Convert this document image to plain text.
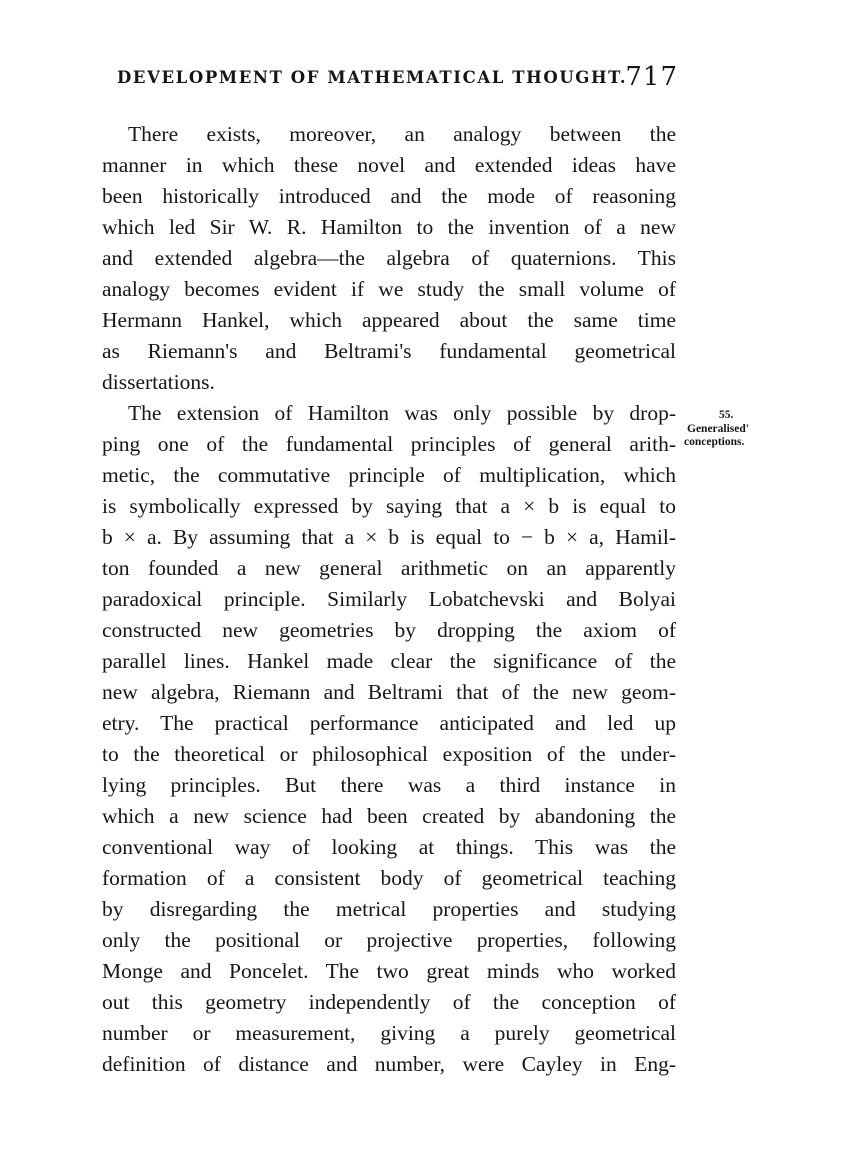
DEVELOPMENT OF MATHEMATICAL THOUGHT.
717
There exists, moreover, an analogy between the
manner in which these novel and extended ideas have
been historically introduced and the mode of reasoning
which led Sir W. R. Hamilton to the invention of a new
and extended algebra—the algebra of quaternions. This
analogy becomes evident if we study the small volume of
Hermann Hankel, which appeared about the same time
as Riemann's and Beltrami's fundamental geometrical
dissertations.
The extension of Hamilton was only possible by drop-
ping one of the fundamental principles of general arith-
metic, the commutative principle of multiplication, which
is symbolically expressed by saying that a × b is equal to
b × a. By assuming that a × b is equal to − b × a, Hamil-
ton founded a new general arithmetic on an apparently
paradoxical principle. Similarly Lobatchevski and Bolyai
constructed new geometries by dropping the axiom of
parallel lines. Hankel made clear the significance of the
new algebra, Riemann and Beltrami that of the new geom-
etry. The practical performance anticipated and led up
to the theoretical or philosophical exposition of the under-
lying principles. But there was a third instance in
which a new science had been created by abandoning the
conventional way of looking at things. This was the
formation of a consistent body of geometrical teaching
by disregarding the metrical properties and studying
only the positional or projective properties, following
Monge and Poncelet. The two great minds who worked
out this geometry independently of the conception of
number or measurement, giving a purely geometrical
definition of distance and number, were Cayley in Eng-
55.
Generalised'
conceptions.
